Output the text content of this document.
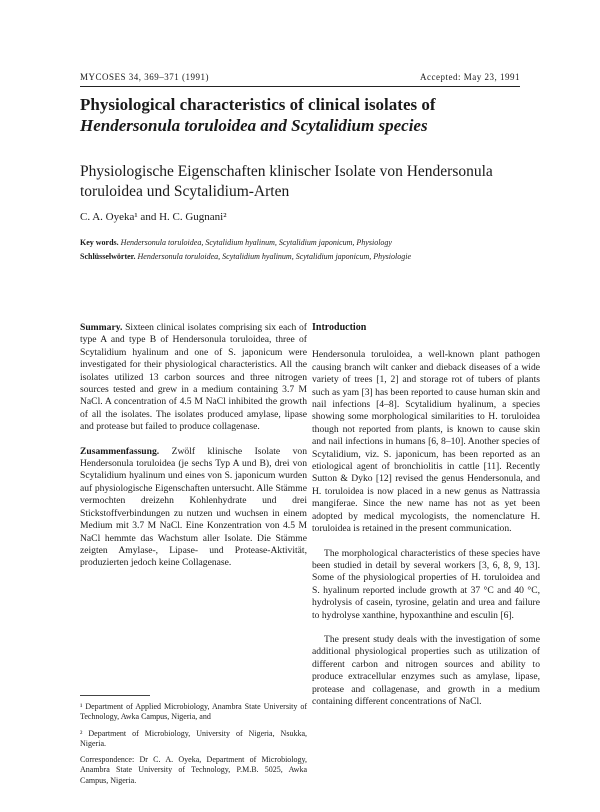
MYCOSES 34, 369–371 (1991)	Accepted: May 23, 1991
Physiological characteristics of clinical isolates of
Hendersonula toruloidea and Scytalidium species
Physiologische Eigenschaften klinischer Isolate von Hendersonula
toruloidea und Scytalidium-Arten
C. A. Oyeka¹ and H. C. Gugnani²
Key words. Hendersonula toruloidea, Scytalidium hyalinum, Scytalidium japonicum, Physiology
Schlüsselwörter. Hendersonula toruloidea, Scytalidium hyalinum, Scytalidium japonicum, Physiologie

Summary. Sixteen clinical isolates comprising six each of type A and type B of Hendersonula toruloidea, three of Scytalidium hyalinum and one of S. japonicum were investigated for their physiological characteristics. All the isolates utilized 13 carbon sources and three nitrogen sources tested and grew in a medium containing 3.7 M NaCl. A concentration of 4.5 M NaCl inhibited the growth of all the isolates. The isolates produced amylase, lipase and protease but failed to produce collagenase.

Zusammenfassung. Zwölf klinische Isolate von Hendersonula toruloidea (je sechs Typ A und B), drei von Scytalidium hyalinum und eines von S. japonicum wurden auf physiologische Eigenschaften untersucht. Alle Stämme vermochten dreizehn Kohlenhydrate und drei Stickstoffverbindungen zu nutzen und wuchsen in einem Medium mit 3.7 M NaCl. Eine Konzentration von 4.5 M NaCl hemmte das Wachstum aller Isolate. Die Stämme zeigten Amylase-, Lipase- und Protease-Aktivität, produzierten jedoch keine Collagenase.

¹ Department of Applied Microbiology, Anambra State University of Technology, Awka Campus, Nigeria, and

² Department of Microbiology, University of Nigeria, Nsukka, Nigeria.

Correspondence: Dr C. A. Oyeka, Department of Microbiology, Anambra State University of Technology, P.M.B. 5025, Awka Campus, Nigeria.

Introduction

Hendersonula toruloidea, a well-known plant pathogen causing branch wilt canker and dieback diseases of a wide variety of trees [1, 2] and storage rot of tubers of plants such as yam [3] has been reported to cause human skin and nail infections [4–8]. Scytalidium hyalinum, a species showing some morphological similarities to H. toruloidea though not reported from plants, is known to cause skin and nail infections in humans [6, 8–10]. Another species of Scytalidium, viz. S. japonicum, has been reported as an etiological agent of bronchiolitis in cattle [11]. Recently Sutton & Dyko [12] revised the genus Hendersonula, and H. toruloidea is now placed in a new genus as Nattrassia mangiferae. Since the new name has not as yet been adopted by medical mycologists, the nomenclature H. toruloidea is retained in the present communication.

The morphological characteristics of these species have been studied in detail by several workers [3, 6, 8, 9, 13]. Some of the physiological properties of H. toruloidea and S. hyalinum reported include growth at 37 °C and 40 °C, hydrolysis of casein, tyrosine, gelatin and urea and failure to hydrolyse xanthine, hypoxanthine and esculin [6].

The present study deals with the investigation of some additional physiological properties such as utilization of different carbon and nitrogen sources and ability to produce extracellular enzymes such as amylase, lipase, protease and collagenase, and growth in a medium containing different concentrations of NaCl.
